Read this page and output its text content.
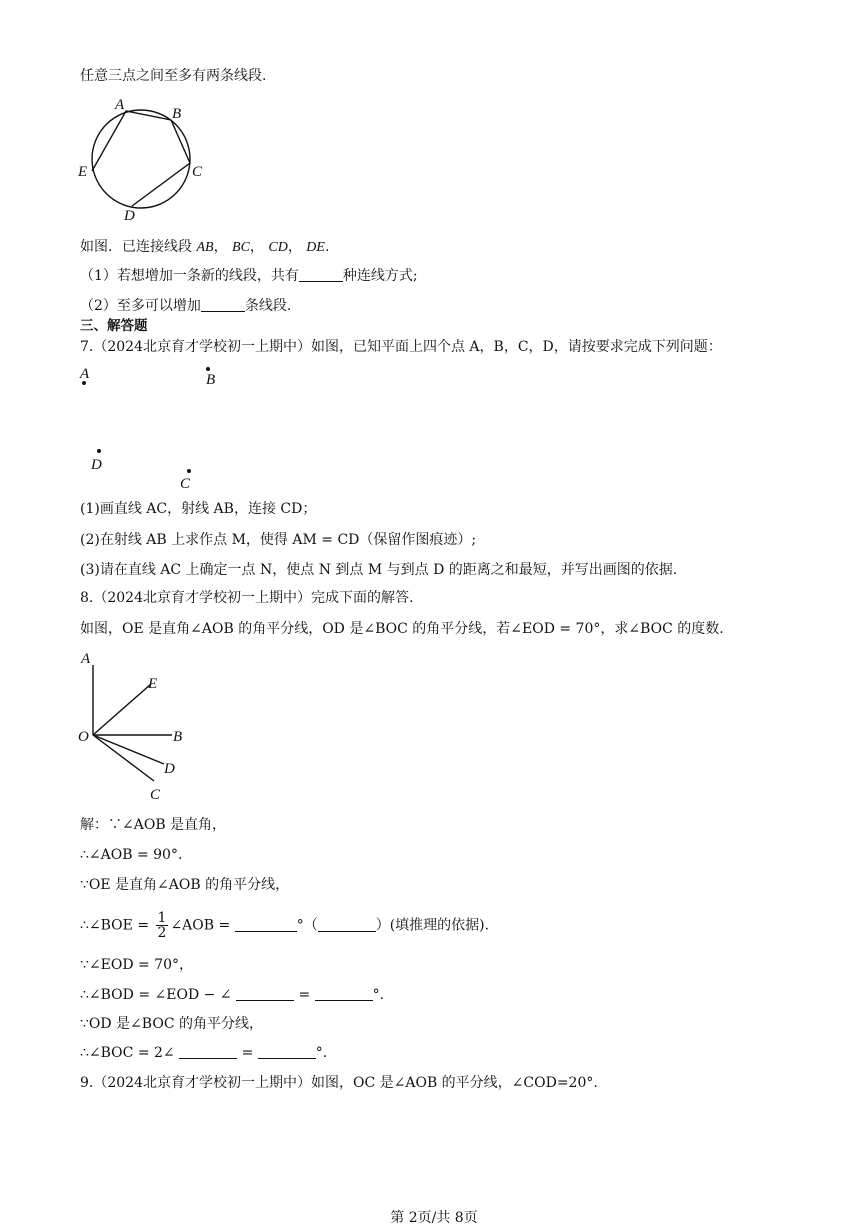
任意三点之间至多有两条线段.
A
B
C
D
E
如图．已连接线段 AB， BC， CD， DE.
（1）若想增加一条新的线段，共有	种连线方式;
（2）至多可以增加	条线段.
三、解答题
7.（2024北京育才学校初一上期中）如图，已知平面上四个点 A，B，C，D，请按要求完成下列问题：
A	B
D
C
(1)画直线 AC，射线 AB，连接 CD；
(2)在射线 AB 上求作点 M，使得 AM = CD（保留作图痕迹）;
(3)请在直线 AC 上确定一点 N，使点 N 到点 M 与到点 D 的距离之和最短，并写出画图的依据.
8.（2024北京育才学校初一上期中）完成下面的解答.
如图，OE 是直角∠AOB 的角平分线，OD 是∠BOC 的角平分线，若∠EOD = 70°，求∠BOC 的度数.
A
E
O	B
D
C
解：∵∠AOB 是直角，
∴∠AOB = 90°.
∵OE 是直角∠AOB 的角平分线，
∴∠BOE = $\frac{1}{2}$ ∠AOB =	°（	）(填推理的依据).
∵∠EOD = 70°，
∴∠BOD = ∠EOD − ∠	=	°.
∵OD 是∠BOC 的角平分线，
∴∠BOC = 2∠	=	°.
9.（2024北京育才学校初一上期中）如图，OC 是∠AOB 的平分线，∠COD=20°.
第 2页/共 8页
